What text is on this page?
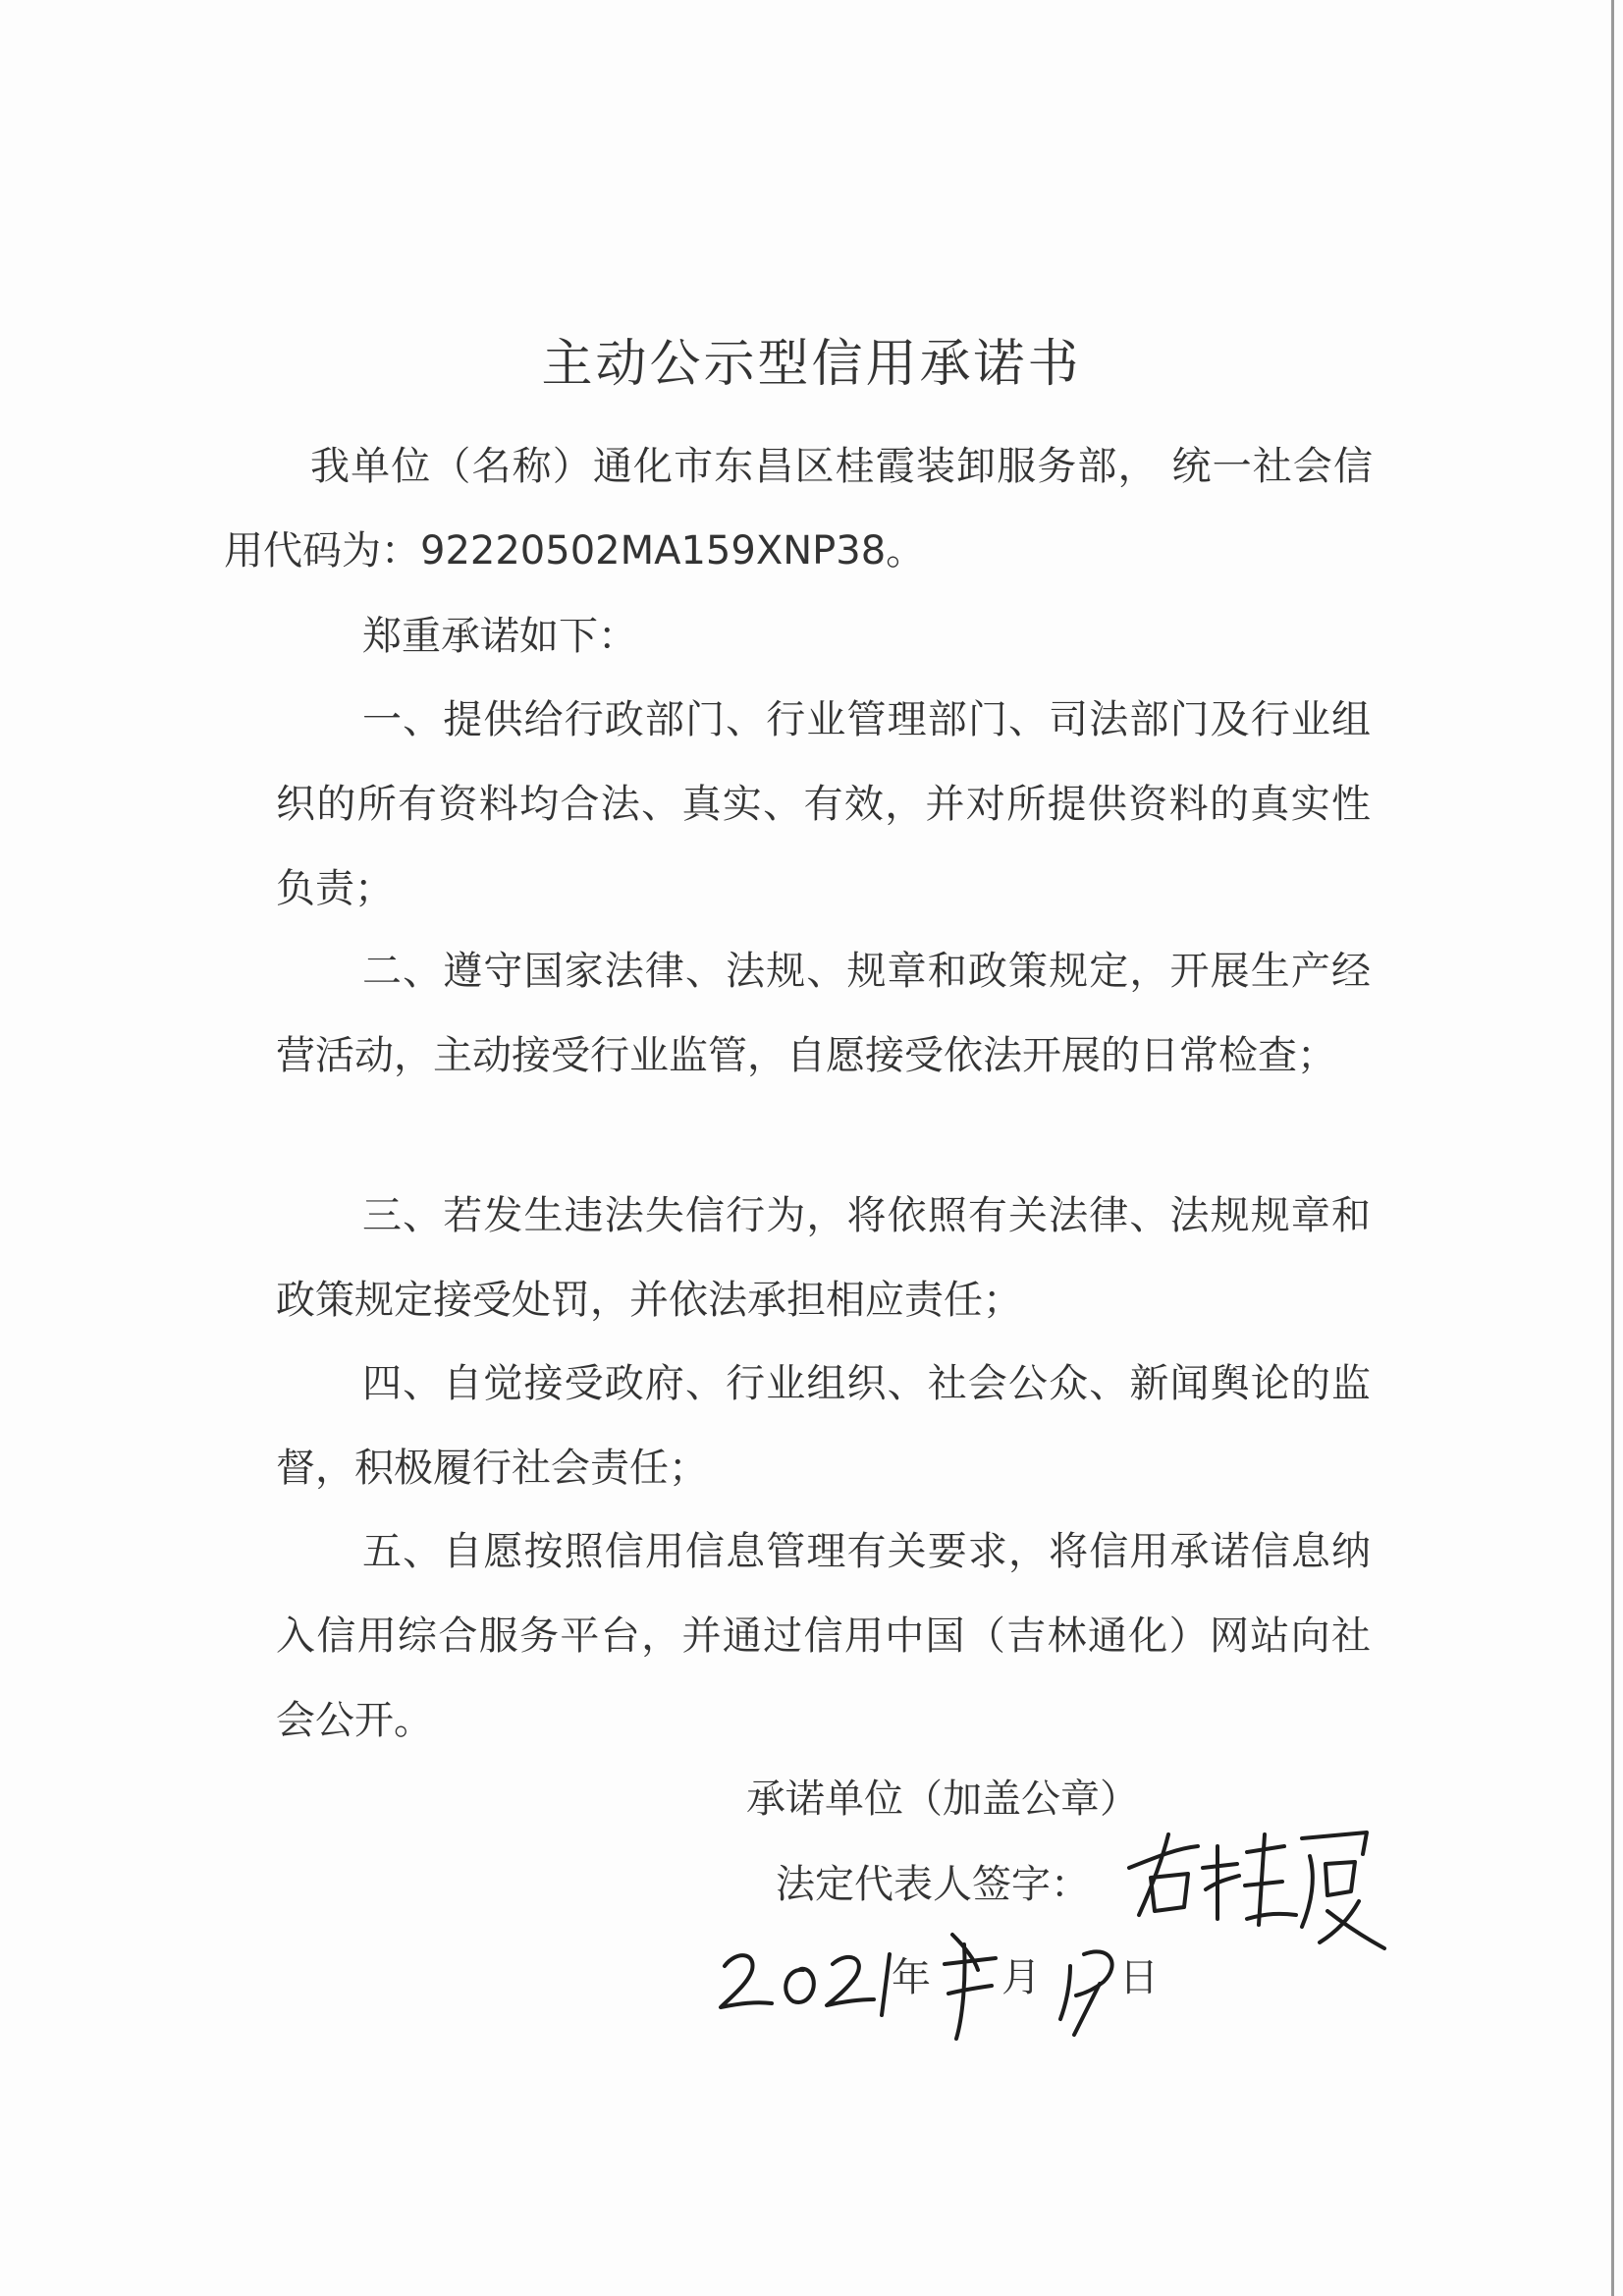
主动公示型信用承诺书
我单位（名称）通化市东昌区桂霞装卸服务部， 统一社会信用代码为：92220502MA159XNP38。
郑重承诺如下：
一、提供给行政部门、行业管理部门、司法部门及行业组织的所有资料均合法、真实、有效，并对所提供资料的真实性负责；
二、遵守国家法律、法规、规章和政策规定，开展生产经营活动，主动接受行业监管，自愿接受依法开展的日常检查；
三、若发生违法失信行为，将依照有关法律、法规规章和政策规定接受处罚，并依法承担相应责任；
四、自觉接受政府、行业组织、社会公众、新闻舆论的监督，积极履行社会责任；
五、自愿按照信用信息管理有关要求，将信用承诺信息纳入信用综合服务平台，并通过信用中国（吉林通化）网站向社会公开。
承诺单位（加盖公章）
法定代表人签字：
年 月 日
